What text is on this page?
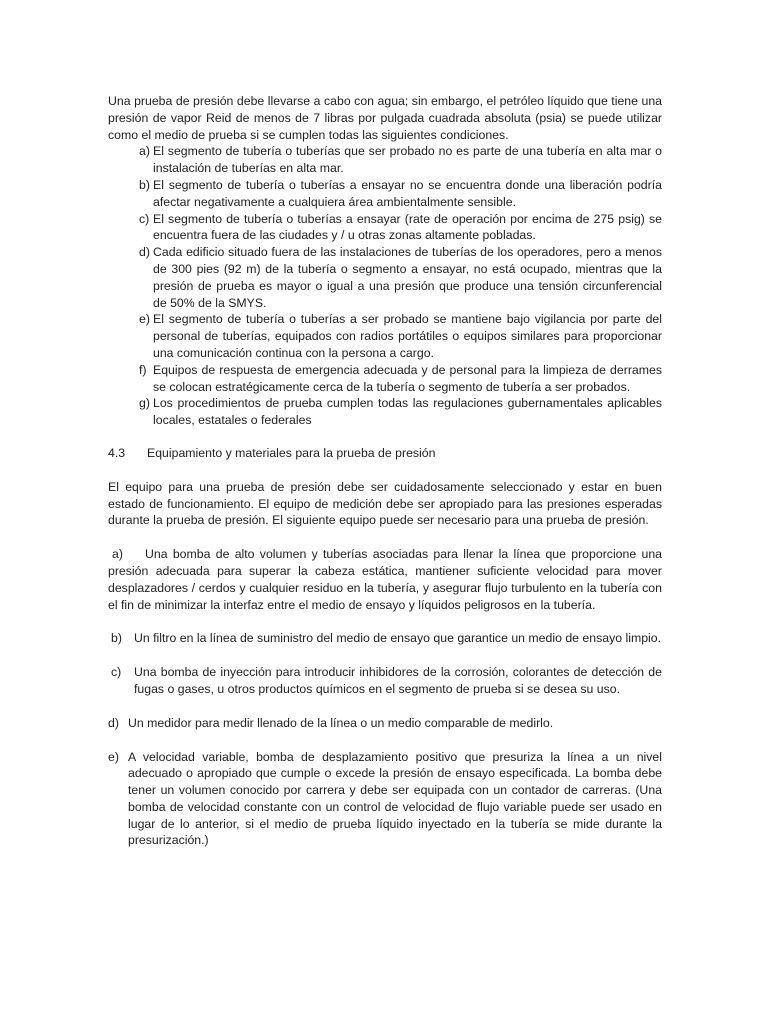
Una prueba de presión debe llevarse a cabo con agua; sin embargo, el petróleo líquido que tiene una presión de vapor Reid de menos de 7 libras por pulgada cuadrada absoluta (psia) se puede utilizar como el medio de prueba si se cumplen todas las siguientes condiciones.

a) El segmento de tubería o tuberías que ser probado no es parte de una tubería en alta mar o instalación de tuberías en alta mar.
b) El segmento de tubería o tuberías a ensayar no se encuentra donde una liberación podría afectar negativamente a cualquiera área ambientalmente sensible.
c) El segmento de tubería o tuberías a ensayar (rate de operación por encima de 275 psig) se encuentra fuera de las ciudades y / u otras zonas altamente pobladas.
d) Cada edificio situado fuera de las instalaciones de tuberías de los operadores, pero a menos de 300 pies (92 m) de la tubería o segmento a ensayar, no está ocupado, mientras que la presión de prueba es mayor o igual a una presión que produce una tensión circunferencial de 50% de la SMYS.
e) El segmento de tubería o tuberías a ser probado se mantiene bajo vigilancia por parte del personal de tuberías, equipados con radios portátiles o equipos similares para proporcionar una comunicación continua con la persona a cargo.
f) Equipos de respuesta de emergencia adecuada y de personal para la limpieza de derrames se colocan estratégicamente cerca de la tubería o segmento de tubería a ser probados.
g) Los procedimientos de prueba cumplen todas las regulaciones gubernamentales aplicables locales, estatales o federales
4.3	Equipamiento y materiales para la prueba de presión

El equipo para una prueba de presión debe ser cuidadosamente seleccionado y estar en buen estado de funcionamiento. El equipo de medición debe ser apropiado para las presiones esperadas durante la prueba de presión. El siguiente equipo puede ser necesario para una prueba de presión.

a) Una bomba de alto volumen y tuberías asociadas para llenar la línea que proporcione una presión adecuada para superar la cabeza estática, mantiener suficiente velocidad para mover desplazadores / cerdos y cualquier residuo en la tubería, y asegurar flujo turbulento en la tubería con el fin de minimizar la interfaz entre el medio de ensayo y líquidos peligrosos en la tubería.
b) Un filtro en la línea de suministro del medio de ensayo que garantice un medio de ensayo limpio.
c)	Una bomba de inyección para introducir inhibidores de la corrosión, colorantes de detección de fugas o gases, u otros productos químicos en el segmento de prueba si se desea su uso.
d) Un medidor para medir llenado de la línea o un medio comparable de medirlo.
e) A velocidad variable, bomba de desplazamiento positivo que presuriza la línea a un nivel adecuado o apropiado que cumple o excede la presión de ensayo especificada. La bomba debe tener un volumen conocido por carrera y debe ser equipada con un contador de carreras. (Una bomba de velocidad constante con un control de velocidad de flujo variable puede ser usado en lugar de lo anterior, si el medio de prueba líquido inyectado en la tubería se mide durante la presurización.)
